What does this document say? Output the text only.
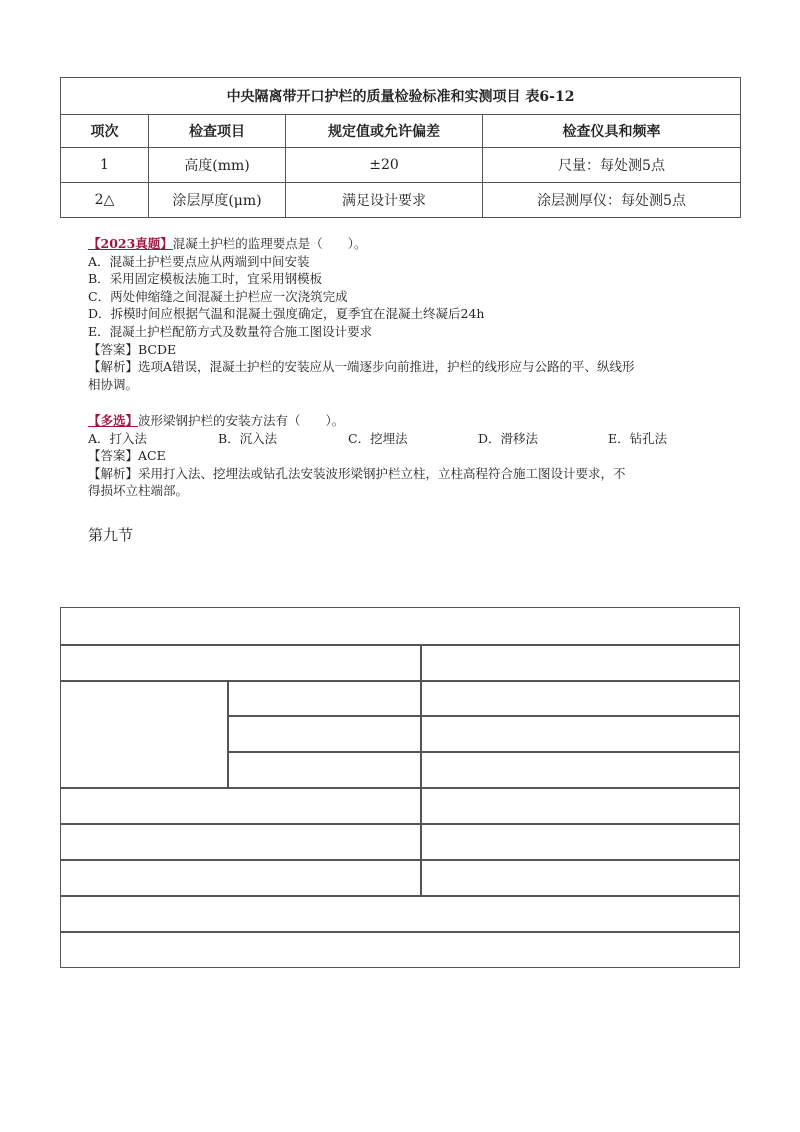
中央隔离带开口护栏的质量检验标准和实测项目 表6-12			
项次	检查项目	规定值或允许偏差	检查仪具和频率
1	高度(mm)	±20	尺量：每处测5点
2△	涂层厚度(μm)	满足设计要求	涂层测厚仪：每处测5点

【2023真题】混凝土护栏的监理要点是（　　）。

A．混凝土护栏要点应从两端到中间安装

B．采用固定模板法施工时，宜采用钢模板

C．两处伸缩缝之间混凝土护栏应一次浇筑完成

D．拆模时间应根据气温和混凝土强度确定，夏季宜在混凝土终凝后24h

E．混凝土护栏配筋方式及数量符合施工图设计要求

【答案】BCDE

【解析】选项A错误，混凝土护栏的安装应从一端逐步向前推进，护栏的线形应与公路的平、纵线形

相协调。

【多选】波形梁钢护栏的安装方法有（　　）。

A．打入法	B．沉入法	C．挖埋法	D．滑移法	E．钻孔法

【答案】ACE

【解析】采用打入法、挖埋法或钻孔法安装波形梁钢护栏立柱，立柱高程符合施工图设计要求，不

得损坏立柱端部。

第九节
